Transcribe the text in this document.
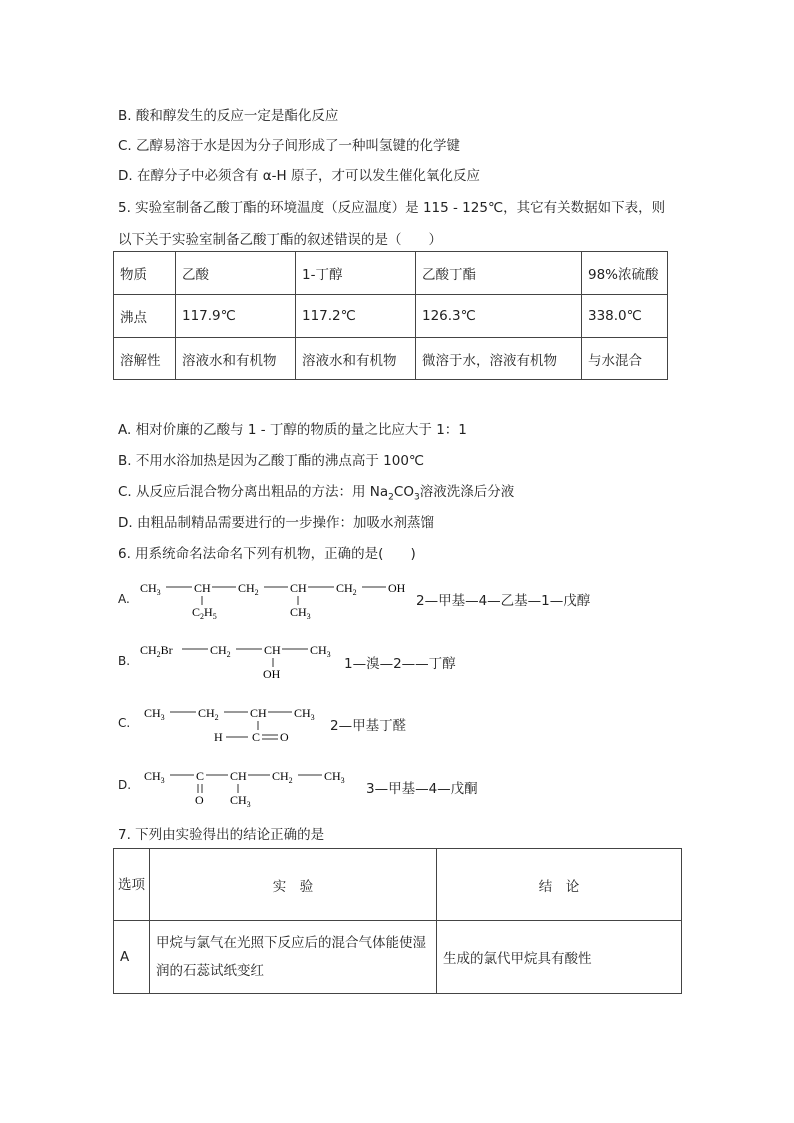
B. 酸和醇发生的反应一定是酯化反应
C. 乙醇易溶于水是因为分子间形成了一种叫氢键的化学键
D. 在醇分子中必须含有 α-H 原子，才可以发生催化氧化反应
5. 实验室制备乙酸丁酯的环境温度（反应温度）是 115 - 125℃，其它有关数据如下表，则
以下关于实验室制备乙酸丁酯的叙述错误的是（　　）
物质	乙酸	1-丁醇	乙酸丁酯	98%浓硫酸
沸点	117.9℃	117.2℃	126.3℃	338.0℃
溶解性	溶液水和有机物	溶液水和有机物	微溶于水，溶液有机物	与水混合
A. 相对价廉的乙酸与 1 - 丁醇的物质的量之比应大于 1：1
B. 不用水浴加热是因为乙酸丁酯的沸点高于 100℃
C. 从反应后混合物分离出粗品的方法：用 $Na_2CO_3$溶液洗涤后分液
D. 由粗品制精品需要进行的一步操作：加吸水剂蒸馏
6. 用系统命名法命名下列有机物，正确的是(　　)
A.
$CH_3$	CH $CH_2$	CH $CH_2$	OH
$C_2H_5$	$CH_3$
2—甲基—4—乙基—1—戊醇
B.
$CH_2Br$	$CH_2$	CH $CH_3$
OH
1—溴—2——丁醇
C.
$CH_3$	$CH_2$	CH $CH_3$
H C O
2—甲基丁醛
D.
$CH_3$	C CH $CH_2$	$CH_3$
O $CH_3$
3—甲基—4—戊酮
7. 下列由实验得出的结论正确的是
选项	实　验	结　论
A	甲烷与氯气在光照下反应后的混合气体能使湿润的石蕊试纸变红	生成的氯代甲烷具有酸性
